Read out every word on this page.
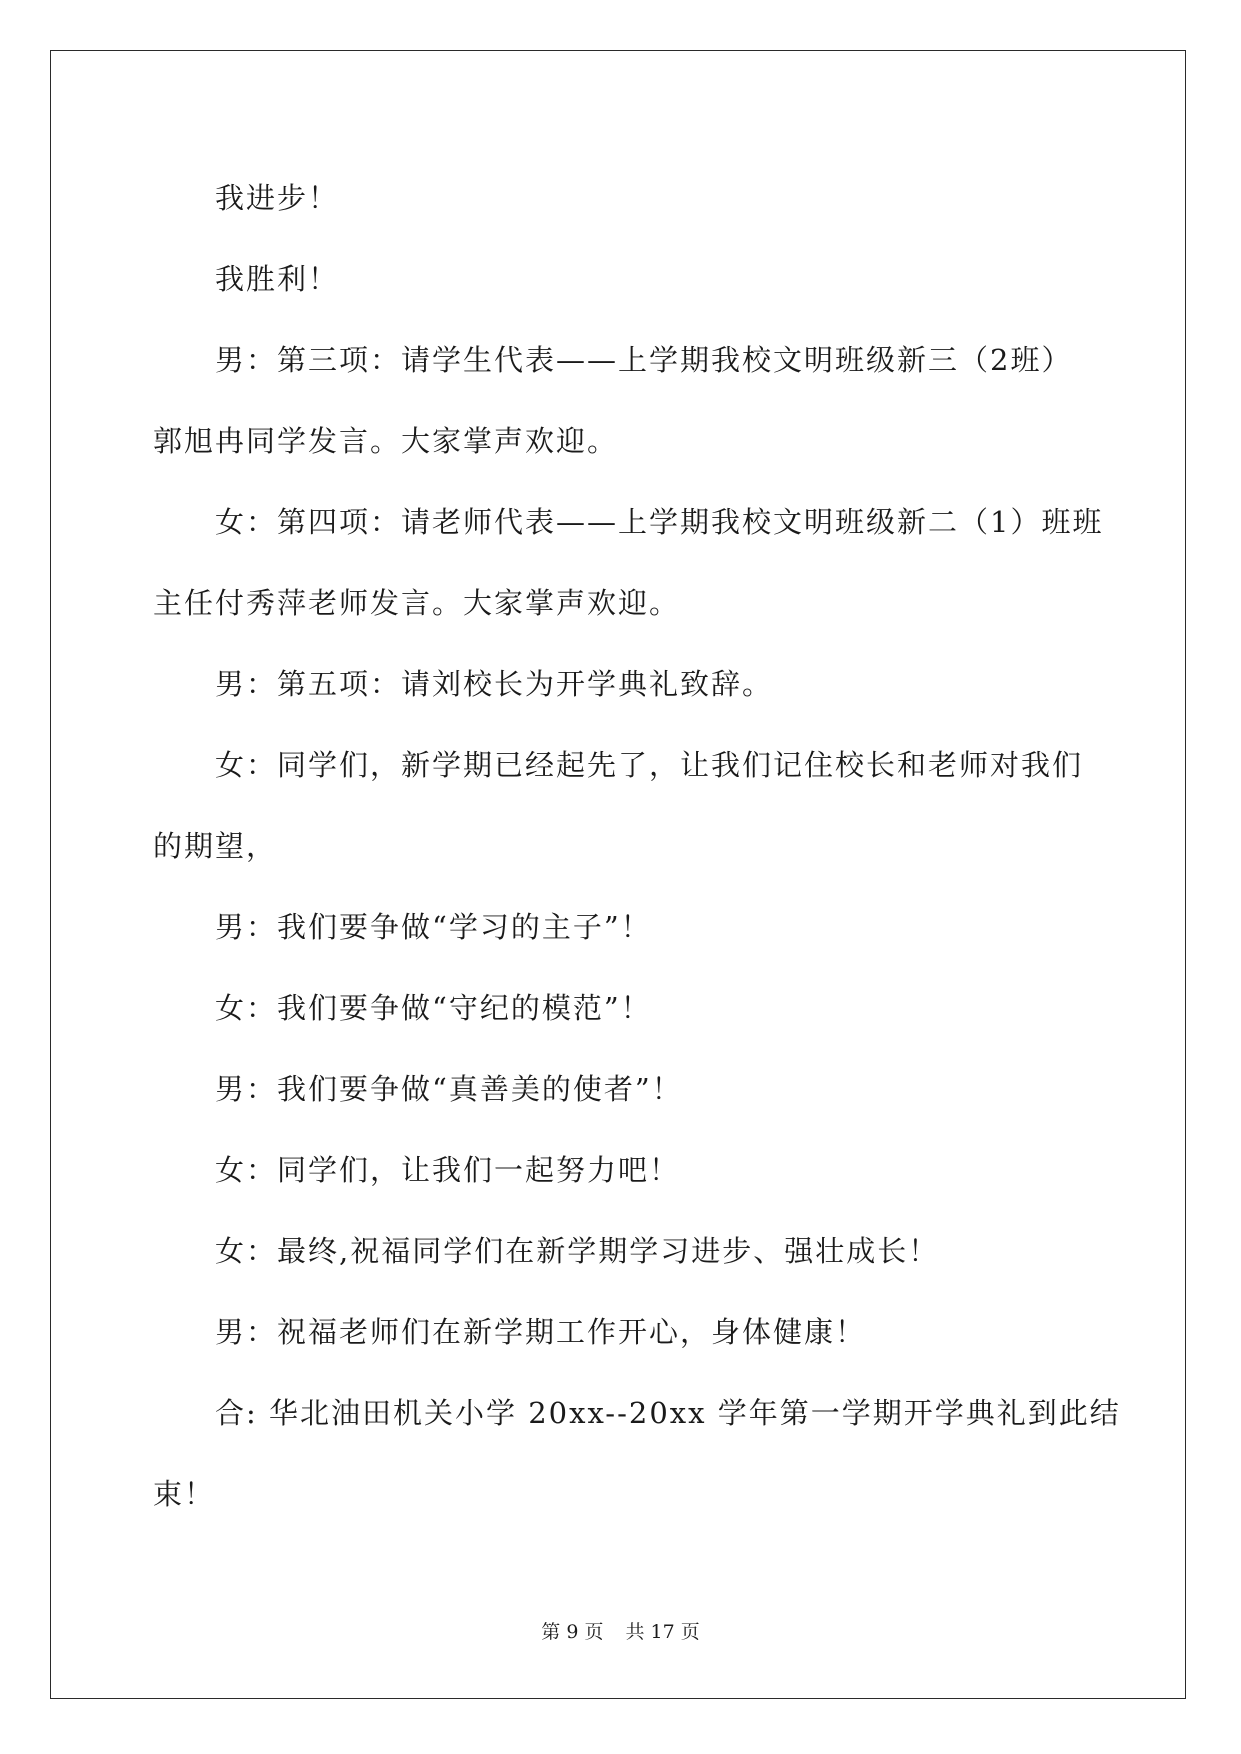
我进步！

我胜利！

男：第三项：请学生代表——上学期我校文明班级新三（2班）

郭旭冉同学发言。大家掌声欢迎。

女：第四项：请老师代表——上学期我校文明班级新二（1）班班

主任付秀萍老师发言。大家掌声欢迎。

男：第五项：请刘校长为开学典礼致辞。

女：同学们，新学期已经起先了，让我们记住校长和老师对我们

的期望，

男：我们要争做“学习的主子”！

女：我们要争做“守纪的模范”！

男：我们要争做“真善美的使者”！

女：同学们，让我们一起努力吧！

女：最终,祝福同学们在新学期学习进步、强壮成长！

男：祝福老师们在新学期工作开心，身体健康！

合: 华北油田机关小学 20xx--20xx 学年第一学期开学典礼到此结

束！

第 9 页 共 17 页
